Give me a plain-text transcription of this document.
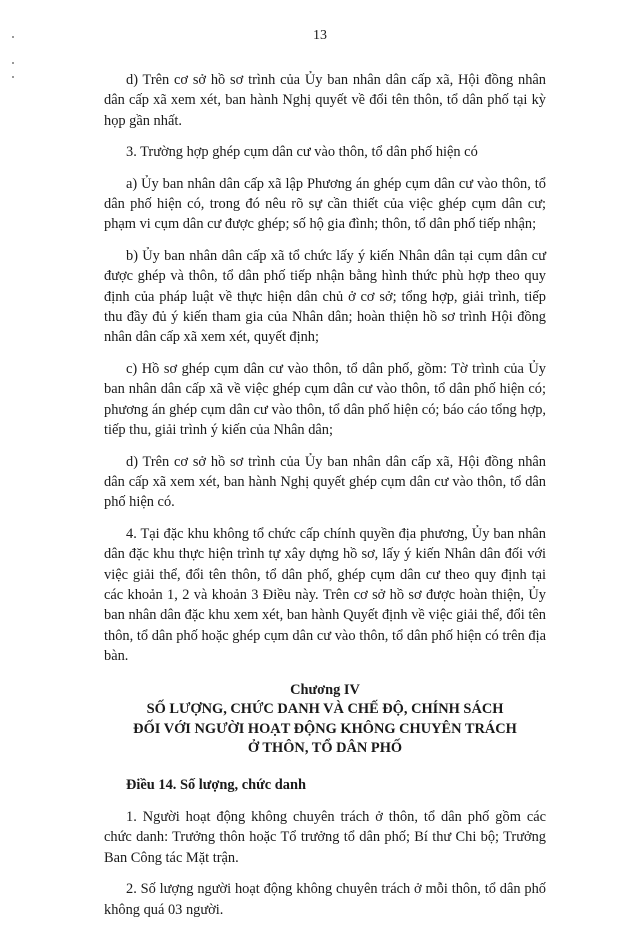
13

d) Trên cơ sở hồ sơ trình của Ủy ban nhân dân cấp xã, Hội đồng nhân dân cấp xã xem xét, ban hành Nghị quyết về đổi tên thôn, tổ dân phố tại kỳ họp gần nhất.

3. Trường hợp ghép cụm dân cư vào thôn, tổ dân phố hiện có

a) Ủy ban nhân dân cấp xã lập Phương án ghép cụm dân cư vào thôn, tổ dân phố hiện có, trong đó nêu rõ sự cần thiết của việc ghép cụm dân cư; phạm vi cụm dân cư được ghép; số hộ gia đình; thôn, tổ dân phố tiếp nhận;

b) Ủy ban nhân dân cấp xã tổ chức lấy ý kiến Nhân dân tại cụm dân cư được ghép và thôn, tổ dân phố tiếp nhận bằng hình thức phù hợp theo quy định của pháp luật về thực hiện dân chủ ở cơ sở; tổng hợp, giải trình, tiếp thu đầy đủ ý kiến tham gia của Nhân dân; hoàn thiện hồ sơ trình Hội đồng nhân dân cấp xã xem xét, quyết định;

c) Hồ sơ ghép cụm dân cư vào thôn, tổ dân phố, gồm: Tờ trình của Ủy ban nhân dân cấp xã về việc ghép cụm dân cư vào thôn, tổ dân phố hiện có; phương án ghép cụm dân cư vào thôn, tổ dân phố hiện có; báo cáo tổng hợp, tiếp thu, giải trình ý kiến của Nhân dân;

d) Trên cơ sở hồ sơ trình của Ủy ban nhân dân cấp xã, Hội đồng nhân dân cấp xã xem xét, ban hành Nghị quyết ghép cụm dân cư vào thôn, tổ dân phố hiện có.

4. Tại đặc khu không tổ chức cấp chính quyền địa phương, Ủy ban nhân dân đặc khu thực hiện trình tự xây dựng hồ sơ, lấy ý kiến Nhân dân đối với việc giải thể, đổi tên thôn, tổ dân phố, ghép cụm dân cư theo quy định tại các khoản 1, 2 và khoản 3 Điều này. Trên cơ sở hồ sơ được hoàn thiện, Ủy ban nhân dân đặc khu xem xét, ban hành Quyết định về việc giải thể, đổi tên thôn, tổ dân phố hoặc ghép cụm dân cư vào thôn, tổ dân phố hiện có trên địa bàn.

Chương IV

SỐ LƯỢNG, CHỨC DANH VÀ CHẾ ĐỘ, CHÍNH SÁCH
ĐỐI VỚI NGƯỜI HOẠT ĐỘNG KHÔNG CHUYÊN TRÁCH
Ở THÔN, TỔ DÂN PHỐ

Điều 14. Số lượng, chức danh

1. Người hoạt động không chuyên trách ở thôn, tổ dân phố gồm các chức danh: Trưởng thôn hoặc Tổ trưởng tổ dân phố; Bí thư Chi bộ; Trưởng Ban Công tác Mặt trận.

2. Số lượng người hoạt động không chuyên trách ở mỗi thôn, tổ dân phố không quá 03 người.
